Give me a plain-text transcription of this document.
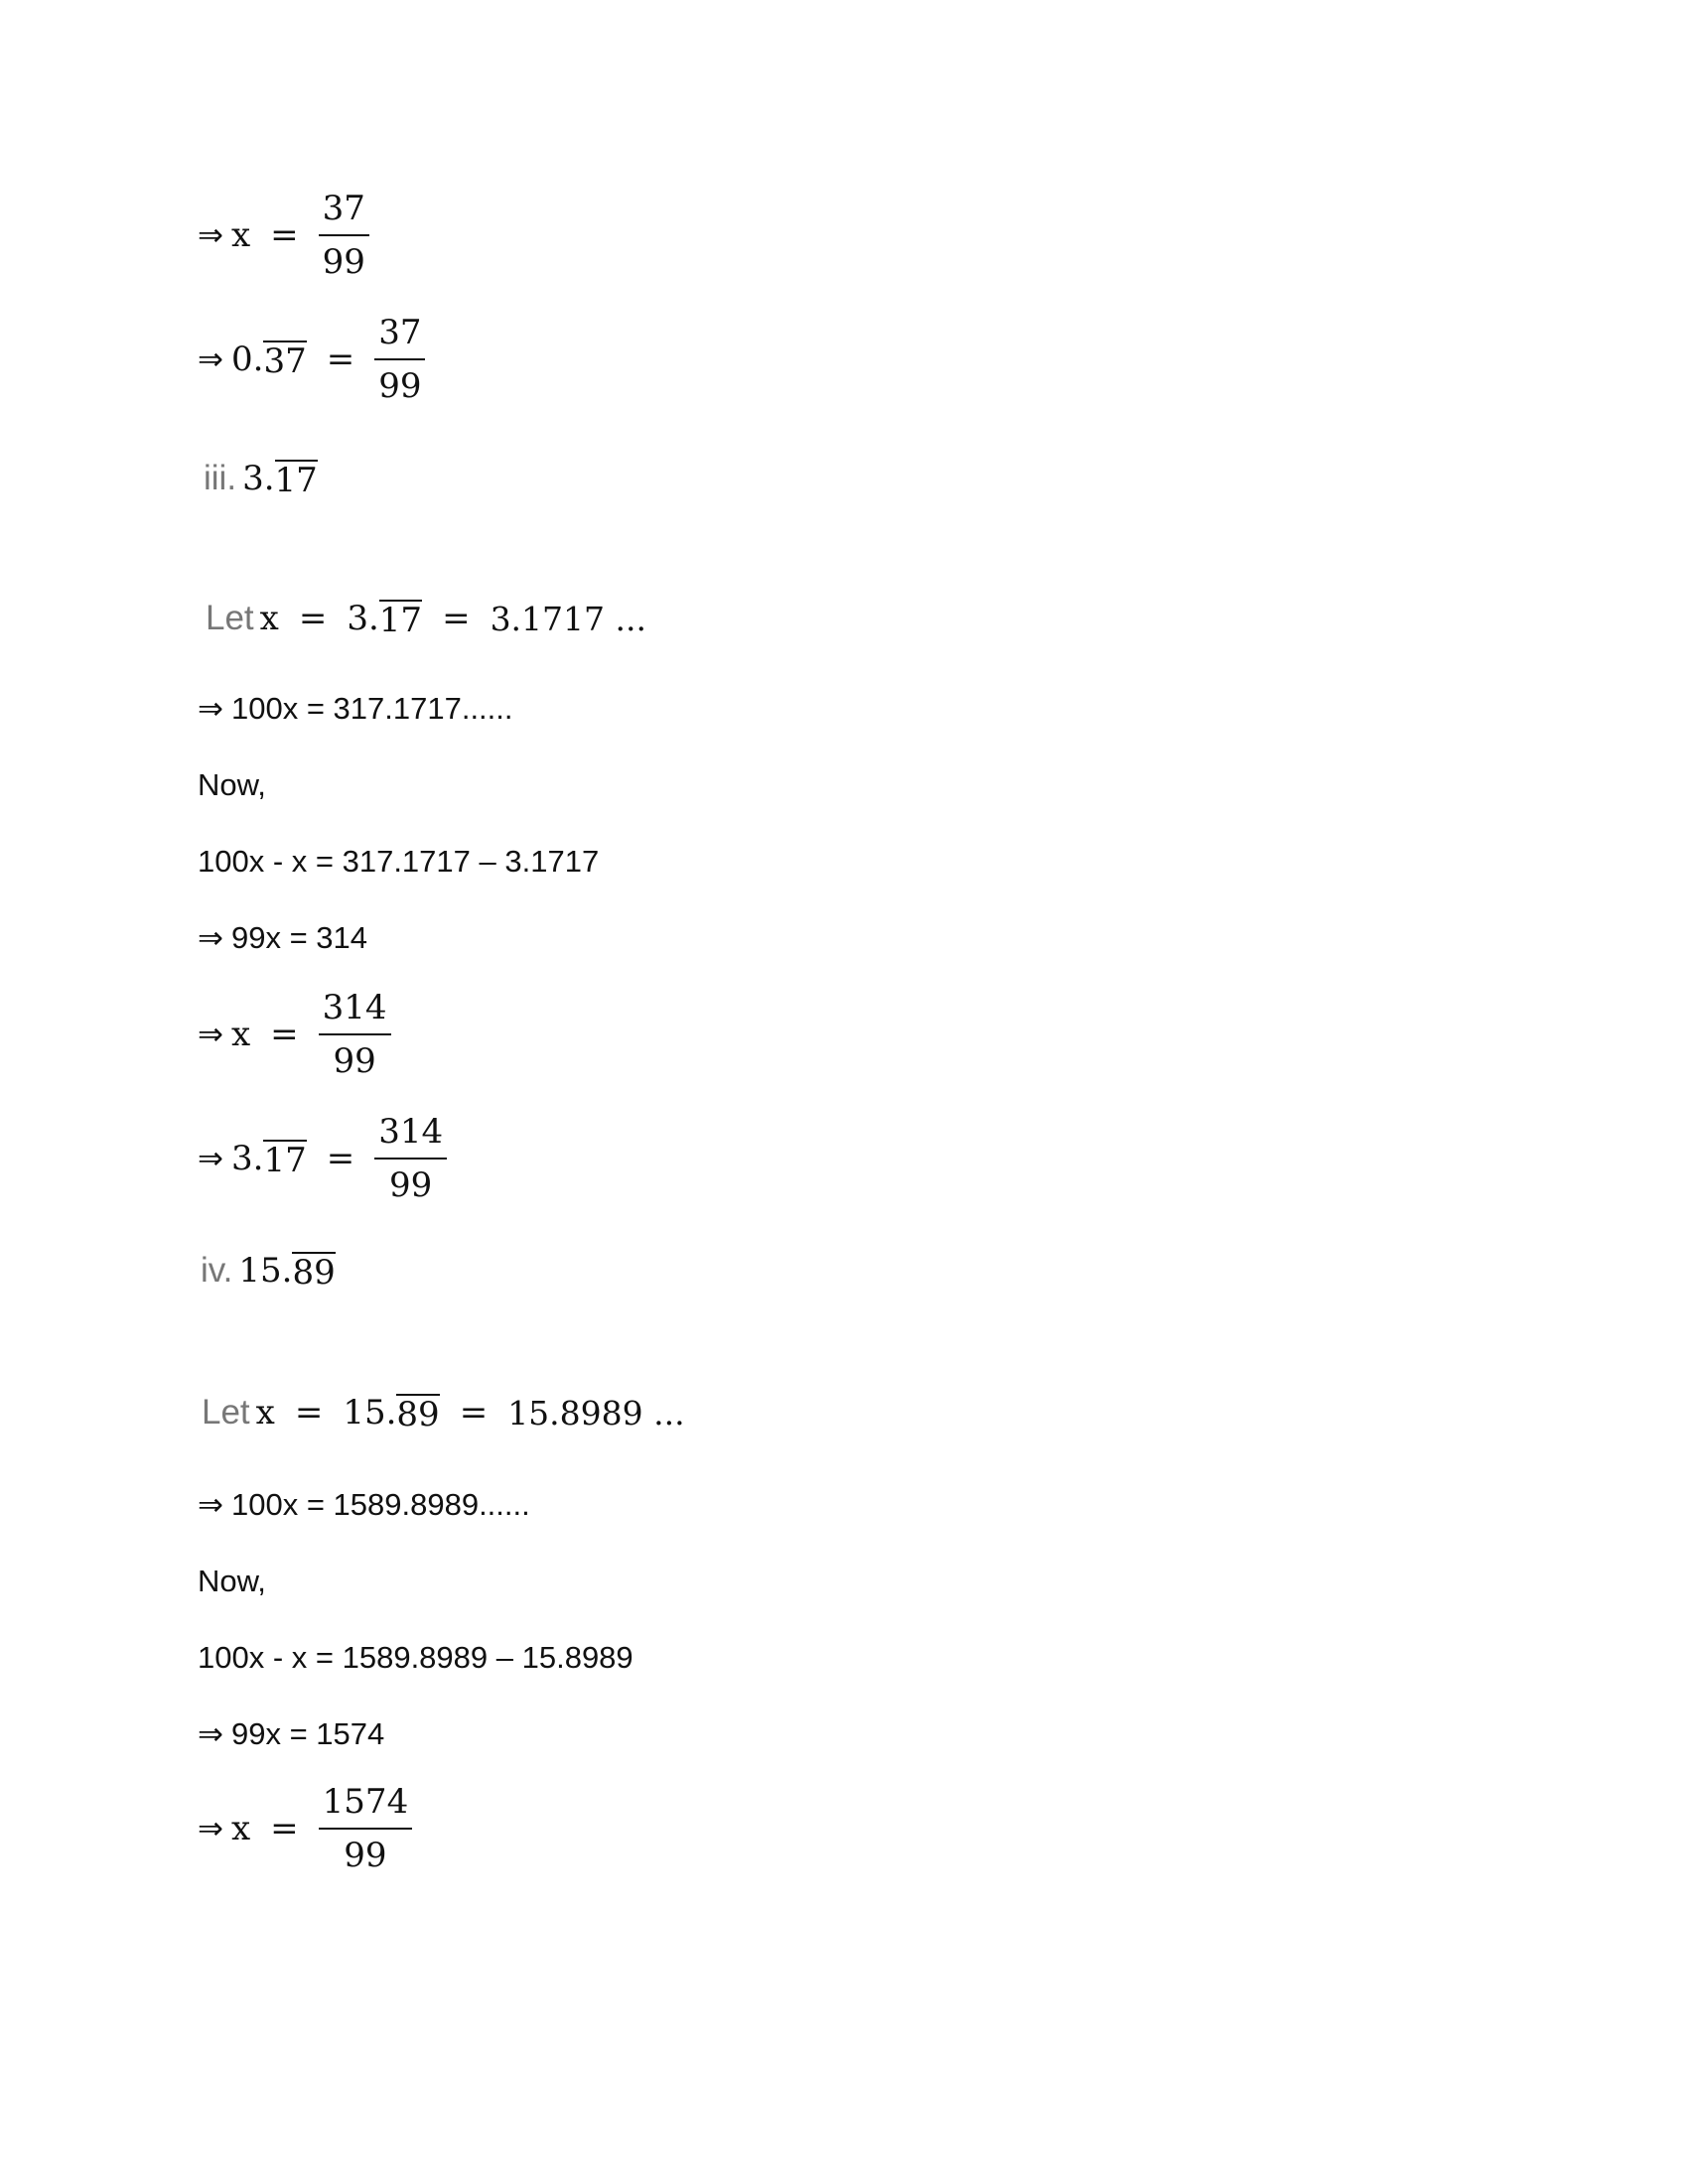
⇒ $x = \frac{37}{99}$
⇒ 0. $37 = \frac{37}{99}$
iii. 3. 17
Let x = 3. 17 = 3.1717 ...
⇒ 100x = 317.1717......
Now,
100x - x = 317.1717 – 3.1717
⇒ 99x = 314
⇒ $x = \frac{314}{99}$
⇒ 3. $17 = \frac{314}{99}$
iv. 15. 89
Let x = 15. 89 = 15.8989 ...
⇒ 100x = 1589.8989......
Now,
100x - x = 1589.8989 – 15.8989
⇒ 99x = 1574
⇒ $x = \frac{1574}{99}$
